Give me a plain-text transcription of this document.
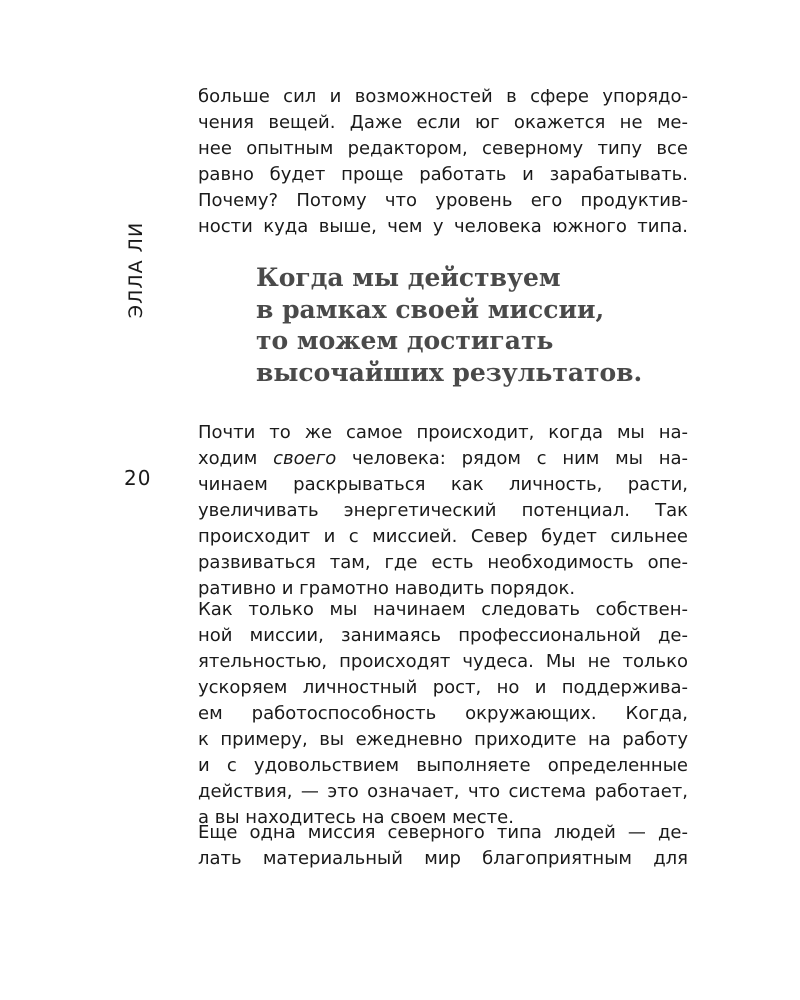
ЭЛЛА ЛИ
20
больше сил и возможностей в сфере упорядо-
чения вещей. Даже если юг окажется не ме-
нее опытным редактором, северному типу все
равно будет проще работать и зарабатывать.
Почему? Потому что уровень его продуктив-
ности куда выше, чем у человека южного типа.
Когда мы действуем
в рамках своей миссии,
то можем достигать
высочайших результатов.
Почти то же самое происходит, когда мы на-
ходим своего человека: рядом с ним мы на-
чинаем раскрываться как личность, расти,
увеличивать энергетический потенциал. Так
происходит и с миссией. Север будет сильнее
развиваться там, где есть необходимость опе-
ративно и грамотно наводить порядок.
Как только мы начинаем следовать собствен-
ной миссии, занимаясь профессиональной де-
ятельностью, происходят чудеса. Мы не только
ускоряем личностный рост, но и поддержива-
ем работоспособность окружающих. Когда,
к примеру, вы ежедневно приходите на работу
и с удовольствием выполняете определенные
действия, — это означает, что система работает,
а вы находитесь на своем месте.
Еще одна миссия северного типа людей — де-
лать материальный мир благоприятным для
